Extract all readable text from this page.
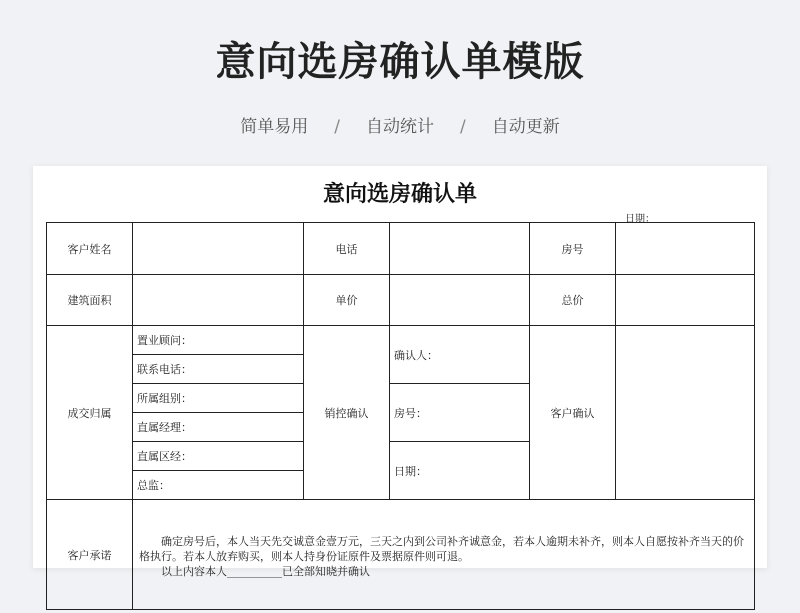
意向选房确认单模版
简单易用 / 自动统计 / 自动更新
意向选房确认单
日期：
客户姓名		电话		房号	
建筑面积		单价		总价	
成交归属	置业顾问：	销控确认	确认人：	客户确认	
	联系电话：				
	所属组别：		房号：		
	直属经理：				
	直属区经：		日期：		
	总监：				
客户承诺	确定房号后，本人当天先交诚意金壹万元，三天之内到公司补齐诚意金，若本人逾期未补齐，则本人自愿按补齐当天的价格执行。若本人放弃购买，则本人持身份证原件及票据原件则可退。

以上内容本人__________已全部知晓并确认				
